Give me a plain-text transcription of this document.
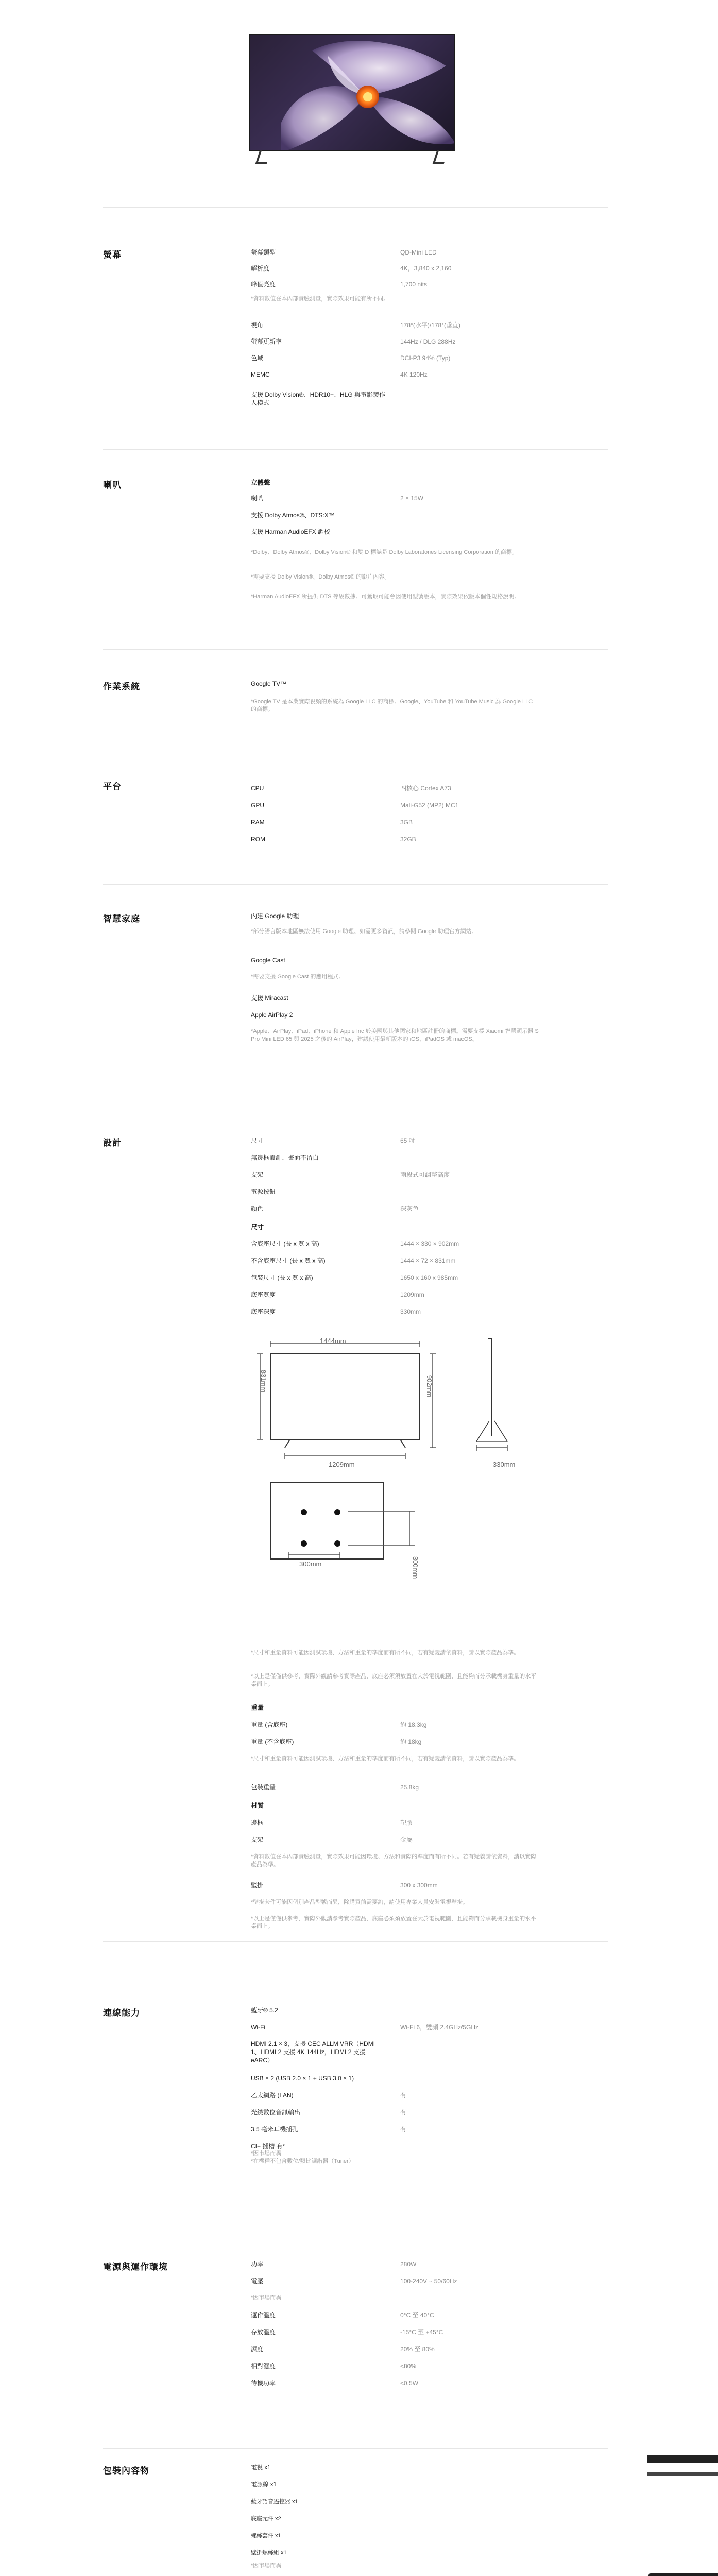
螢幕	螢幕類型	QD-Mini LED
解析度	4K，3,840 x 2,160
峰值亮度	1,700 nits
*資料數值在本內部實驗測量，實際效果可能有所不同。
視角	178°(水平)/178°(垂直)
螢幕更新率	144Hz / DLG 288Hz
色域	DCI-P3 94% (Typ)
MEMC	4K 120Hz
支援 Dolby Vision®、HDR10+、HLG 與電影製作人模式
喇叭	立體聲
喇叭	2 × 15W
支援 Dolby Atmos®、DTS:X™
支援 Harman AudioEFX 調校
*Dolby、Dolby Atmos®、Dolby Vision® 和雙 D 標誌是 Dolby Laboratories Licensing Corporation 的商標。
*需要支援 Dolby Vision®、Dolby Atmos® 的影片內容。
*Harman AudioEFX 所提供 DTS 等級數據。可獲取可能會因使用型號版本，實際效果依版本個性規格說明。
作業系統	Google TV™
*Google TV 是本業實際視頻的系統為 Google LLC 的商標。Google、YouTube 和 YouTube Music 為 Google LLC 的商標。
平台	CPU	四核心 Cortex A73
GPU	Mali-G52 (MP2) MC1
RAM	3GB
ROM	32GB
智慧家庭	內建 Google 助理
*部分語言版本地區無法使用 Google 助理。如需更多資訊，請參閱 Google 助理官方網站。
Google Cast
*需要支援 Google Cast 的應用程式。
支援 Miracast
Apple AirPlay 2
*Apple、AirPlay、iPad、iPhone 和 Apple Inc 於美國與其他國家和地區註冊的商標。需要支援 Xiaomi 智慧顯示器 S Pro Mini LED 65 與 2025 之後的 AirPlay，建議使用最新版本的 iOS、iPadOS 或 macOS。
設計	尺寸	65 吋
無邊框設計、畫面不留白
支架	兩段式可調整高度
電源按鈕
顏色	深灰色
尺寸
含底座尺寸 (長 x 寬 x 高)	1444 × 330 × 902mm
不含底座尺寸 (長 x 寬 x 高)	1444 × 72 × 831mm
包裝尺寸 (長 x 寬 x 高)	1650 x 160 x 985mm
底座寬度	1209mm
底座深度	330mm
1444mm
831mm	902mm
1209mm	330mm
300mm	300mm
*尺寸和重量資料可能因測試環境、方法和重量的準度而有所不同，若有疑義請依資料，請以實際產品為準。
*以上是僅僅供參考，實際外觀請參考實際產品，底座必須須放置在大於電視範圍，且能夠而分承載機身重量的水平桌面上。
重量
重量 (含底座)	約 18.3kg
重量 (不含底座)	約 18kg
*尺寸和重量資料可能因測試環境、方法和重量的準度而有所不同，若有疑義請依資料，請以實際產品為準。
包裝重量	25.8kg
材質
邊框	塑膠
支架	金屬
*資料數值在本內部實驗測量，實際效果可能因環境、方法和實際的準度而有所不同。若有疑義請依資料，請以實際產品為準。
壁掛	300 x 300mm
*壁掛套件可能因個別產品型號而異，除購買前需要詢，請使用專業人員安裝電視壁掛。
*以上是僅僅供參考，實際外觀請參考實際產品，底座必須須放置在大於電視範圍，且能夠而分承載機身重量的水平桌面上。
連線能力	藍牙® 5.2
Wi-Fi	Wi-Fi 6，雙頻 2.4GHz/5GHz
HDMI 2.1 × 3，支援 CEC ALLM VRR（HDMI 1、HDMI 2 支援 4K 144Hz，HDMI 2 支援 eARC）
USB × 2 (USB 2.0 × 1 + USB 3.0 × 1)
乙太網路 (LAN)	有
光纖數位音訊輸出	有
3.5 毫米耳機插孔	有
CI+ 插槽 有*
*因市場而異
*在機種不包含數位/類比調諧器（Tuner）
電源與運作環境	功率	280W
電壓	100-240V ~ 50/60Hz
*因市場而異
運作溫度	0°C 至 40°C
存放溫度	-15°C 至 +45°C
濕度	20% 至 80%
相對濕度	<80%
待機功率	<0.5W
包裝內容物	電視 x1
電源線 x1
藍牙語音遙控器 x1
底座元件 x2
螺絲套件 x1
壁掛螺絲組 x1
*因市場而異
